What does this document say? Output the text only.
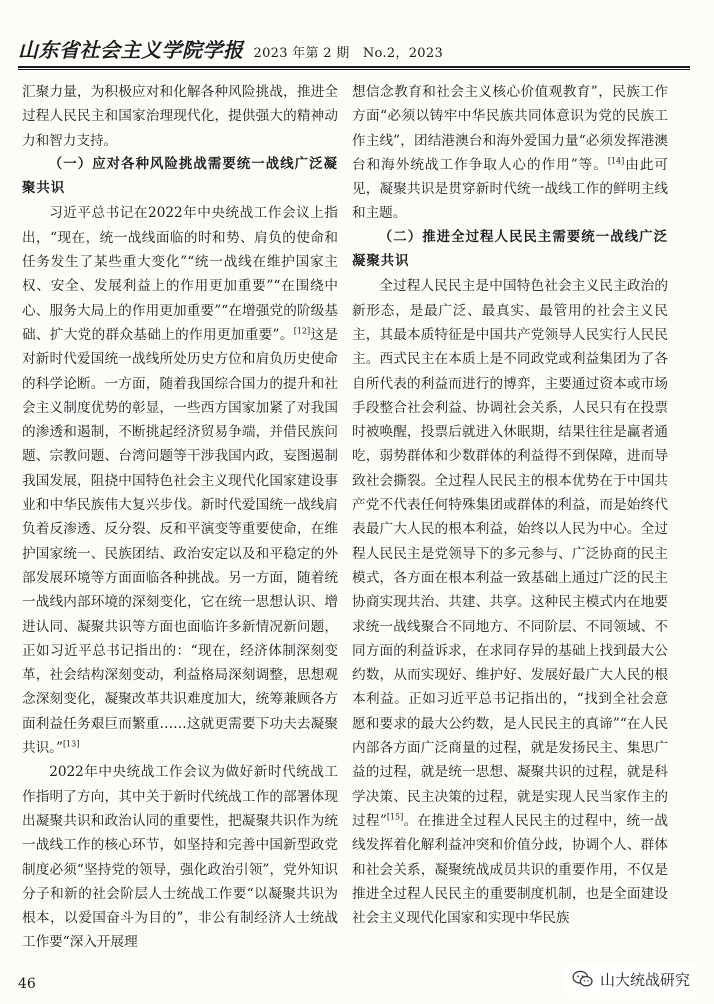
山东省社会主义学院学报 2023 年第 2 期　No.2，2023

汇聚力量，为积极应对和化解各种风险挑战，推进全过程人民民主和国家治理现代化，提供强大的精神动力和智力支持。

（一）应对各种风险挑战需要统一战线广泛凝聚共识

习近平总书记在2022年中央统战工作会议上指出，“现在，统一战线面临的时和势、肩负的使命和任务发生了某些重大变化”“统一战线在维护国家主权、安全、发展利益上的作用更加重要”“在围绕中心、服务大局上的作用更加重要”“在增强党的阶级基础、扩大党的群众基础上的作用更加重要”。[12]这是对新时代爱国统一战线所处历史方位和肩负历史使命的科学论断。一方面，随着我国综合国力的提升和社会主义制度优势的彰显，一些西方国家加紧了对我国的渗透和遏制，不断挑起经济贸易争端，并借民族问题、宗教问题、台湾问题等干涉我国内政，妄图遏制我国发展，阻挠中国特色社会主义现代化国家建设事业和中华民族伟大复兴步伐。新时代爱国统一战线肩负着反渗透、反分裂、反和平演变等重要使命，在维护国家统一、民族团结、政治安定以及和平稳定的外部发展环境等方面面临各种挑战。另一方面，随着统一战线内部环境的深刻变化，它在统一思想认识、增进认同、凝聚共识等方面也面临许多新情况新问题，正如习近平总书记指出的：“现在，经济体制深刻变革，社会结构深刻变动，利益格局深刻调整，思想观念深刻变化，凝聚改革共识难度加大，统筹兼顾各方面利益任务艰巨而繁重……这就更需要下功夫去凝聚共识。”[13]

2022年中央统战工作会议为做好新时代统战工作指明了方向，其中关于新时代统战工作的部署体现出凝聚共识和政治认同的重要性，把凝聚共识作为统一战线工作的核心环节，如坚持和完善中国新型政党制度必须“坚持党的领导，强化政治引领”，党外知识分子和新的社会阶层人士统战工作要“以凝聚共识为根本，以爱国奋斗为目的”，非公有制经济人士统战工作要“深入开展理

想信念教育和社会主义核心价值观教育”，民族工作方面“必须以铸牢中华民族共同体意识为党的民族工作主线”，团结港澳台和海外爱国力量“必须发挥港澳台和海外统战工作争取人心的作用”等。[14]由此可见，凝聚共识是贯穿新时代统一战线工作的鲜明主线和主题。

（二）推进全过程人民民主需要统一战线广泛凝聚共识

全过程人民民主是中国特色社会主义民主政治的新形态，是最广泛、最真实、最管用的社会主义民主，其最本质特征是中国共产党领导人民实行人民民主。西式民主在本质上是不同政党或利益集团为了各自所代表的利益而进行的博弈，主要通过资本或市场手段整合社会利益、协调社会关系，人民只有在投票时被唤醒，投票后就进入休眠期，结果往往是赢者通吃，弱势群体和少数群体的利益得不到保障，进而导致社会撕裂。全过程人民民主的根本优势在于中国共产党不代表任何特殊集团或群体的利益，而是始终代表最广大人民的根本利益，始终以人民为中心。全过程人民民主是党领导下的多元参与、广泛协商的民主模式，各方面在根本利益一致基础上通过广泛的民主协商实现共治、共建、共享。这种民主模式内在地要求统一战线聚合不同地方、不同阶层、不同领域、不同方面的利益诉求，在求同存异的基础上找到最大公约数，从而实现好、维护好、发展好最广大人民的根本利益。正如习近平总书记指出的，“找到全社会意愿和要求的最大公约数，是人民民主的真谛”“在人民内部各方面广泛商量的过程，就是发扬民主、集思广益的过程，就是统一思想、凝聚共识的过程，就是科学决策、民主决策的过程，就是实现人民当家作主的过程”[15]。在推进全过程人民民主的过程中，统一战线发挥着化解利益冲突和价值分歧，协调个人、群体和社会关系，凝聚统战成员共识的重要作用，不仅是推进全过程人民民主的重要制度机制，也是全面建设社会主义现代化国家和实现中华民族

46	山大统战研究
